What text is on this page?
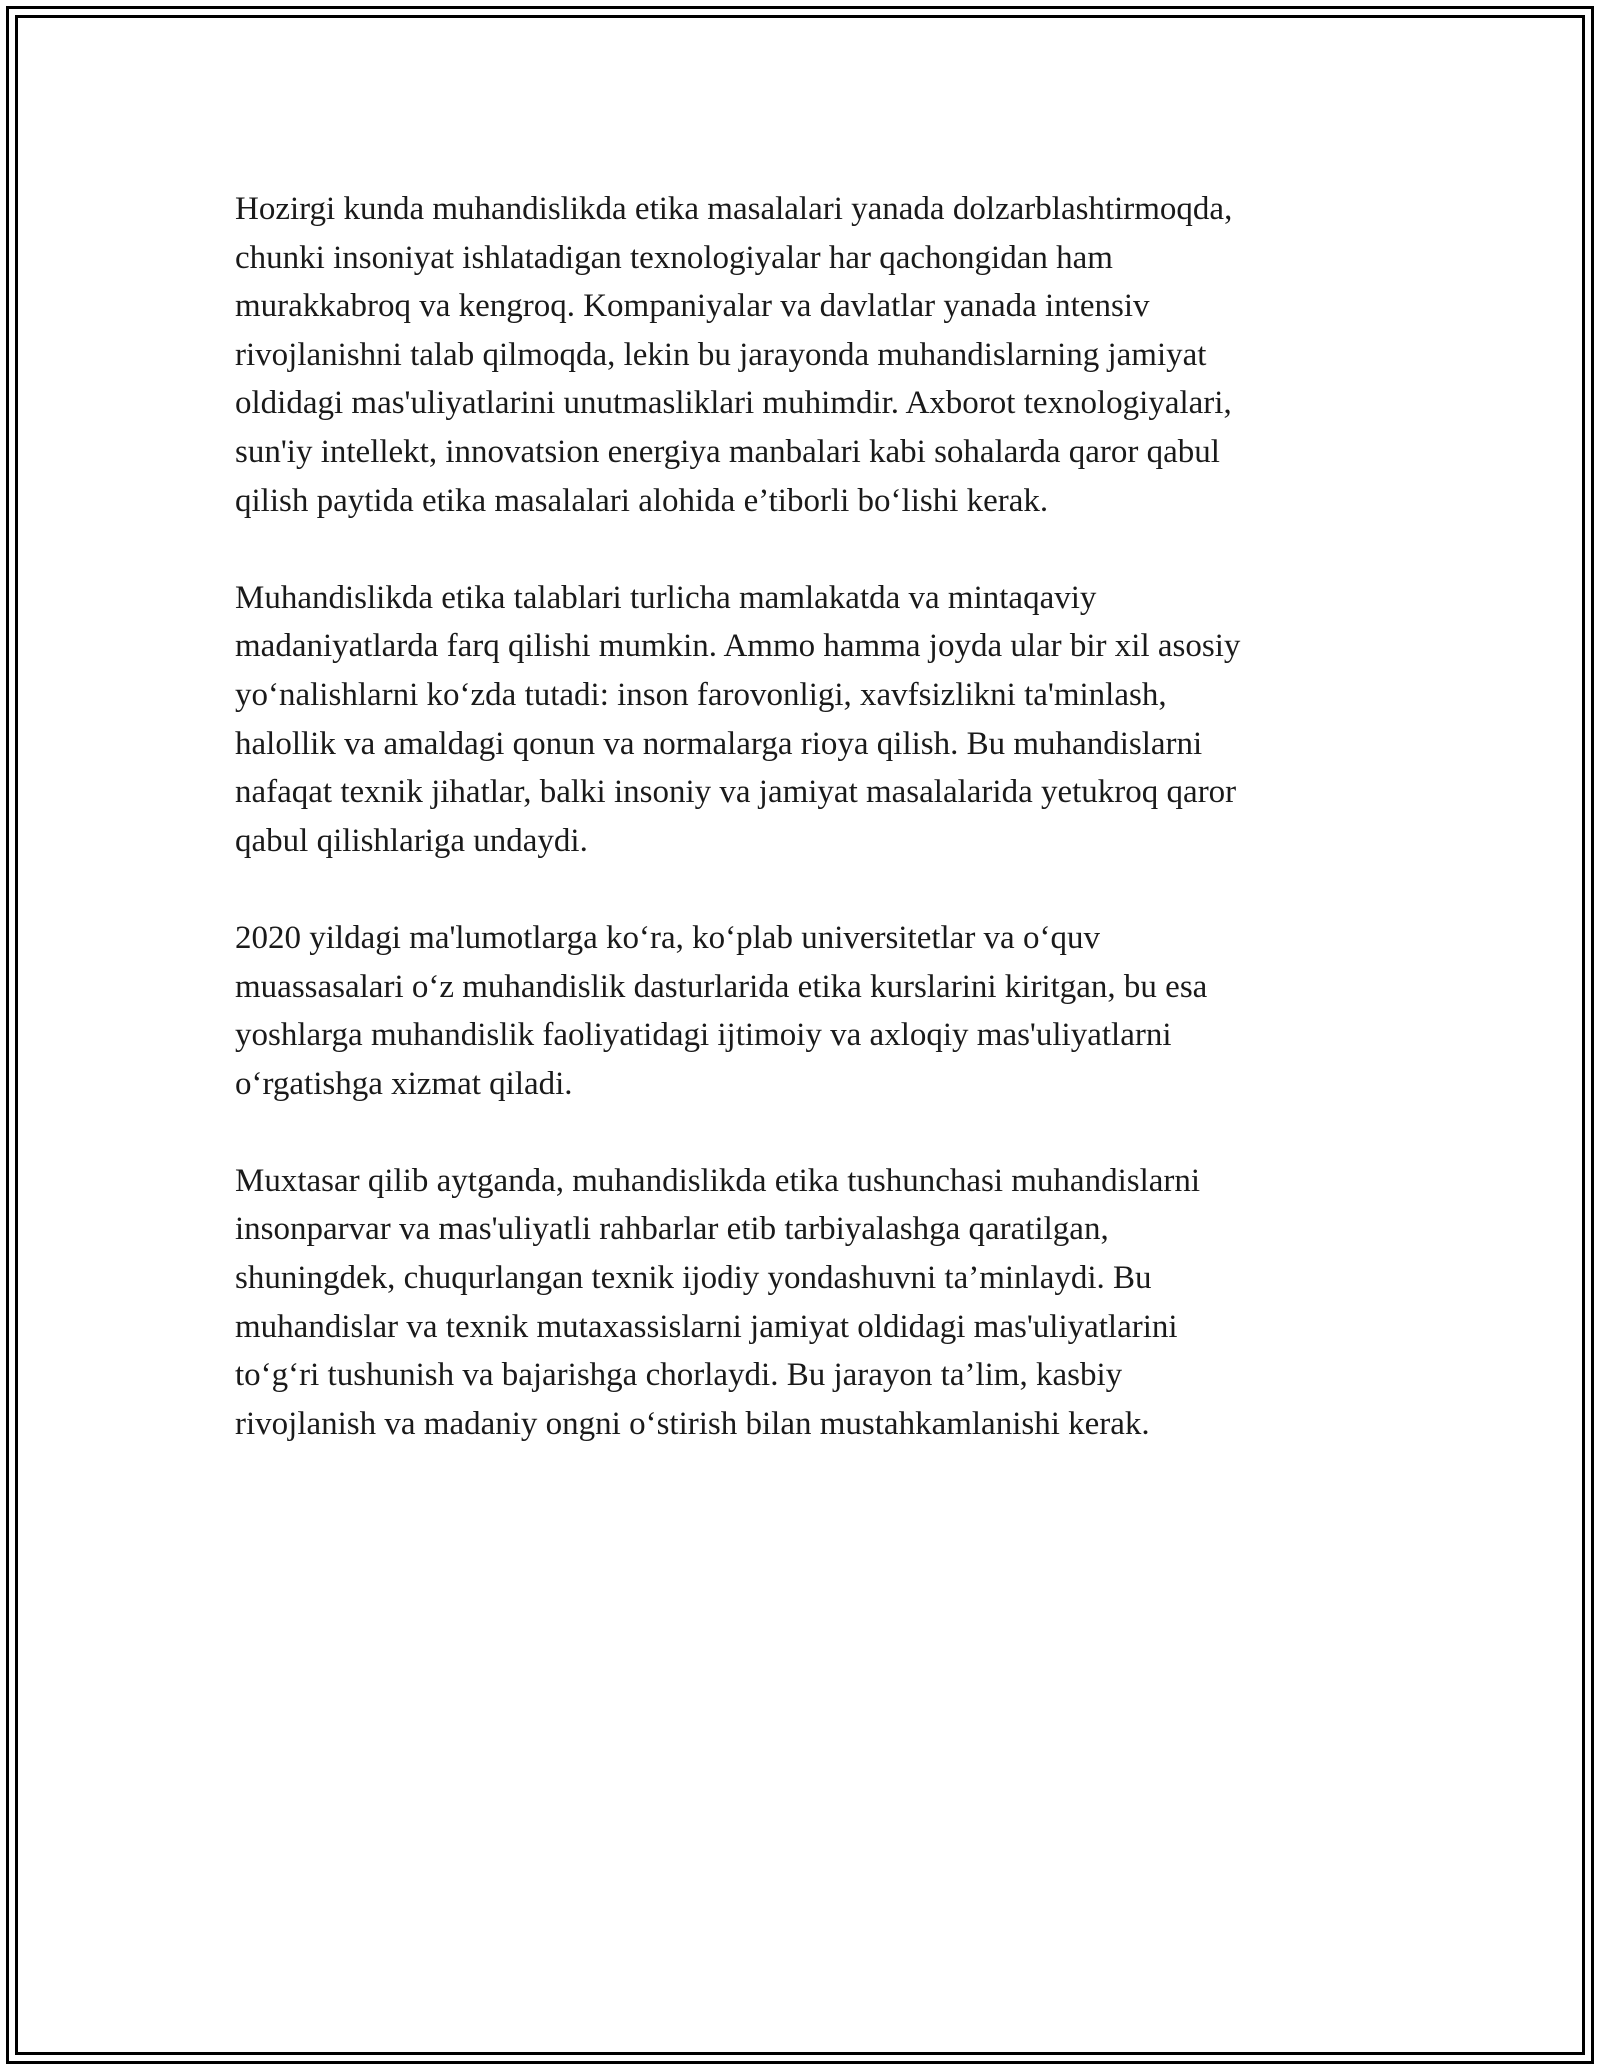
Hozirgi kunda muhandislikda etika masalalari yanada dolzarblashtirmoqda,
chunki insoniyat ishlatadigan texnologiyalar har qachongidan ham
murakkabroq va kengroq. Kompaniyalar va davlatlar yanada intensiv
rivojlanishni talab qilmoqda, lekin bu jarayonda muhandislarning jamiyat
oldidagi mas'uliyatlarini unutmasliklari muhimdir. Axborot texnologiyalari,
sun'iy intellekt, innovatsion energiya manbalari kabi sohalarda qaror qabul
qilish paytida etika masalalari alohida e’tiborli boʻlishi kerak.

Muhandislikda etika talablari turlicha mamlakatda va mintaqaviy
madaniyatlarda farq qilishi mumkin. Ammo hamma joyda ular bir xil asosiy
yoʻnalishlarni koʻzda tutadi: inson farovonligi, xavfsizlikni ta'minlash,
halollik va amaldagi qonun va normalarga rioya qilish. Bu muhandislarni
nafaqat texnik jihatlar, balki insoniy va jamiyat masalalarida yetukroq qaror
qabul qilishlariga undaydi.

2020 yildagi ma'lumotlarga koʻra, koʻplab universitetlar va oʻquv
muassasalari oʻz muhandislik dasturlarida etika kurslarini kiritgan, bu esa
yoshlarga muhandislik faoliyatidagi ijtimoiy va axloqiy mas'uliyatlarni
oʻrgatishga xizmat qiladi.

Muxtasar qilib aytganda, muhandislikda etika tushunchasi muhandislarni
insonparvar va mas'uliyatli rahbarlar etib tarbiyalashga qaratilgan,
shuningdek, chuqurlangan texnik ijodiy yondashuvni ta’minlaydi. Bu
muhandislar va texnik mutaxassislarni jamiyat oldidagi mas'uliyatlarini
toʻgʻri tushunish va bajarishga chorlaydi. Bu jarayon ta’lim, kasbiy
rivojlanish va madaniy ongni oʻstirish bilan mustahkamlanishi kerak.
